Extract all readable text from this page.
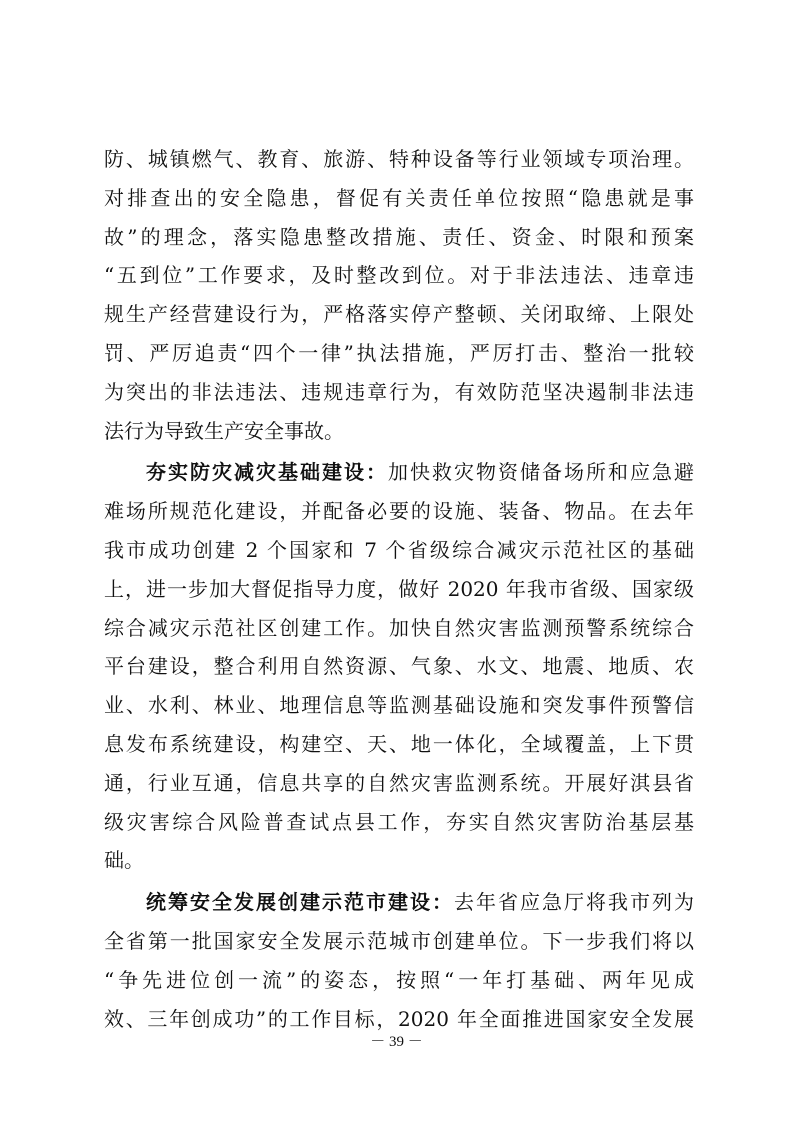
防、城镇燃气、教育、旅游、特种设备等行业领域专项治理。
对排查出的安全隐患，督促有关责任单位按照“隐患就是事
故”的理念，落实隐患整改措施、责任、资金、时限和预案
“五到位”工作要求，及时整改到位。对于非法违法、违章违
规生产经营建设行为，严格落实停产整顿、关闭取缔、上限处
罚、严厉追责“四个一律”执法措施，严厉打击、整治一批较
为突出的非法违法、违规违章行为，有效防范坚决遏制非法违
法行为导致生产安全事故。
夯实防灾减灾基础建设：加快救灾物资储备场所和应急避
难场所规范化建设，并配备必要的设施、装备、物品。在去年
我市成功创建 2 个国家和 7 个省级综合减灾示范社区的基础
上，进一步加大督促指导力度，做好 2020 年我市省级、国家级
综合减灾示范社区创建工作。加快自然灾害监测预警系统综合
平台建设，整合利用自然资源、气象、水文、地震、地质、农
业、水利、林业、地理信息等监测基础设施和突发事件预警信
息发布系统建设，构建空、天、地一体化，全域覆盖，上下贯
通，行业互通，信息共享的自然灾害监测系统。开展好淇县省
级灾害综合风险普查试点县工作，夯实自然灾害防治基层基
础。
统筹安全发展创建示范市建设：去年省应急厅将我市列为
全省第一批国家安全发展示范城市创建单位。下一步我们将以
“争先进位创一流”的姿态，按照“一年打基础、两年见成
效、三年创成功”的工作目标，2020 年全面推进国家安全发展
－ 39 －
